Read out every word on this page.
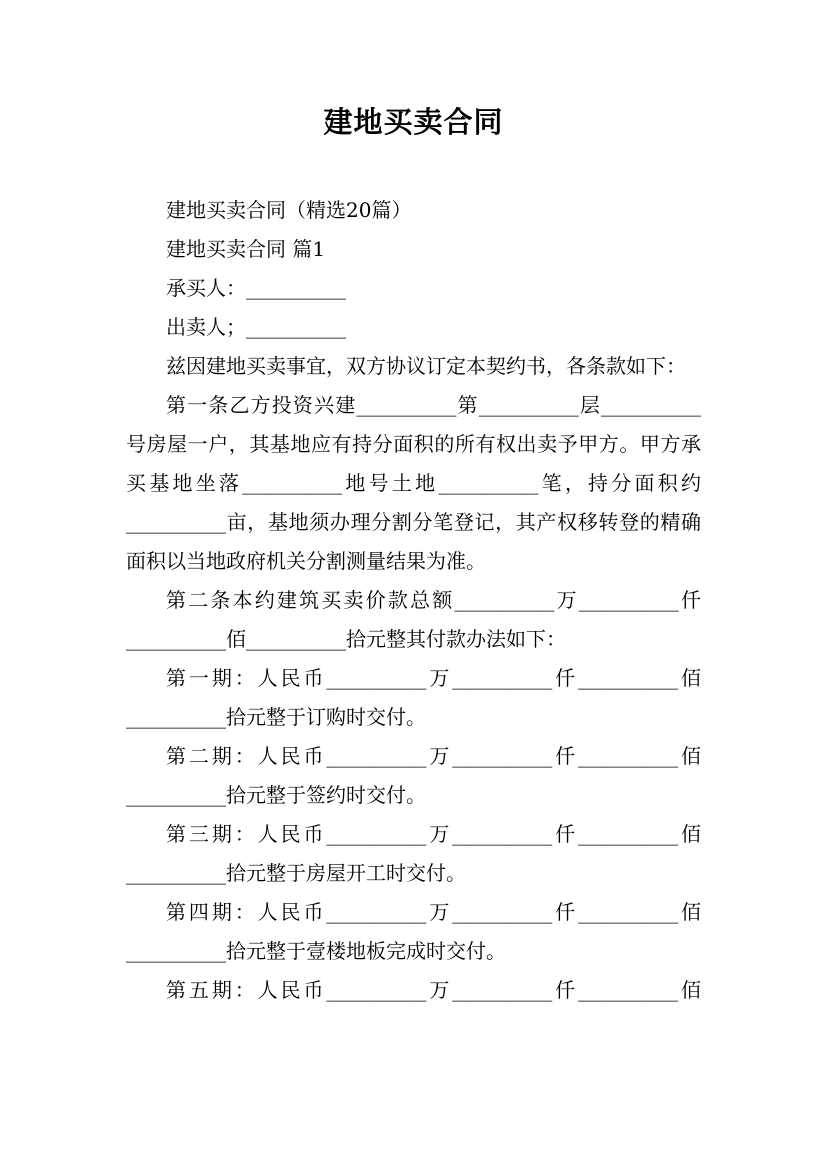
建地买卖合同

建地买卖合同（精选20篇）

建地买卖合同 篇1

承买人：__________

出卖人；__________

兹因建地买卖事宜，双方协议订定本契约书，各条款如下：

第一条乙方投资兴建__________第__________层__________号房屋一户，其基地应有持分面积的所有权出卖予甲方。甲方承买基地坐落__________地号土地__________笔，持分面积约__________亩，基地须办理分割分笔登记，其产权移转登的精确面积以当地政府机关分割测量结果为准。

第二条本约建筑买卖价款总额__________万__________仟__________佰__________拾元整其付款办法如下：

第一期：人民币__________万__________仟__________佰__________拾元整于订购时交付。

第二期：人民币__________万__________仟__________佰__________拾元整于签约时交付。

第三期：人民币__________万__________仟__________佰__________拾元整于房屋开工时交付。

第四期：人民币__________万__________仟__________佰__________拾元整于壹楼地板完成时交付。

第五期：人民币__________万__________仟__________佰
